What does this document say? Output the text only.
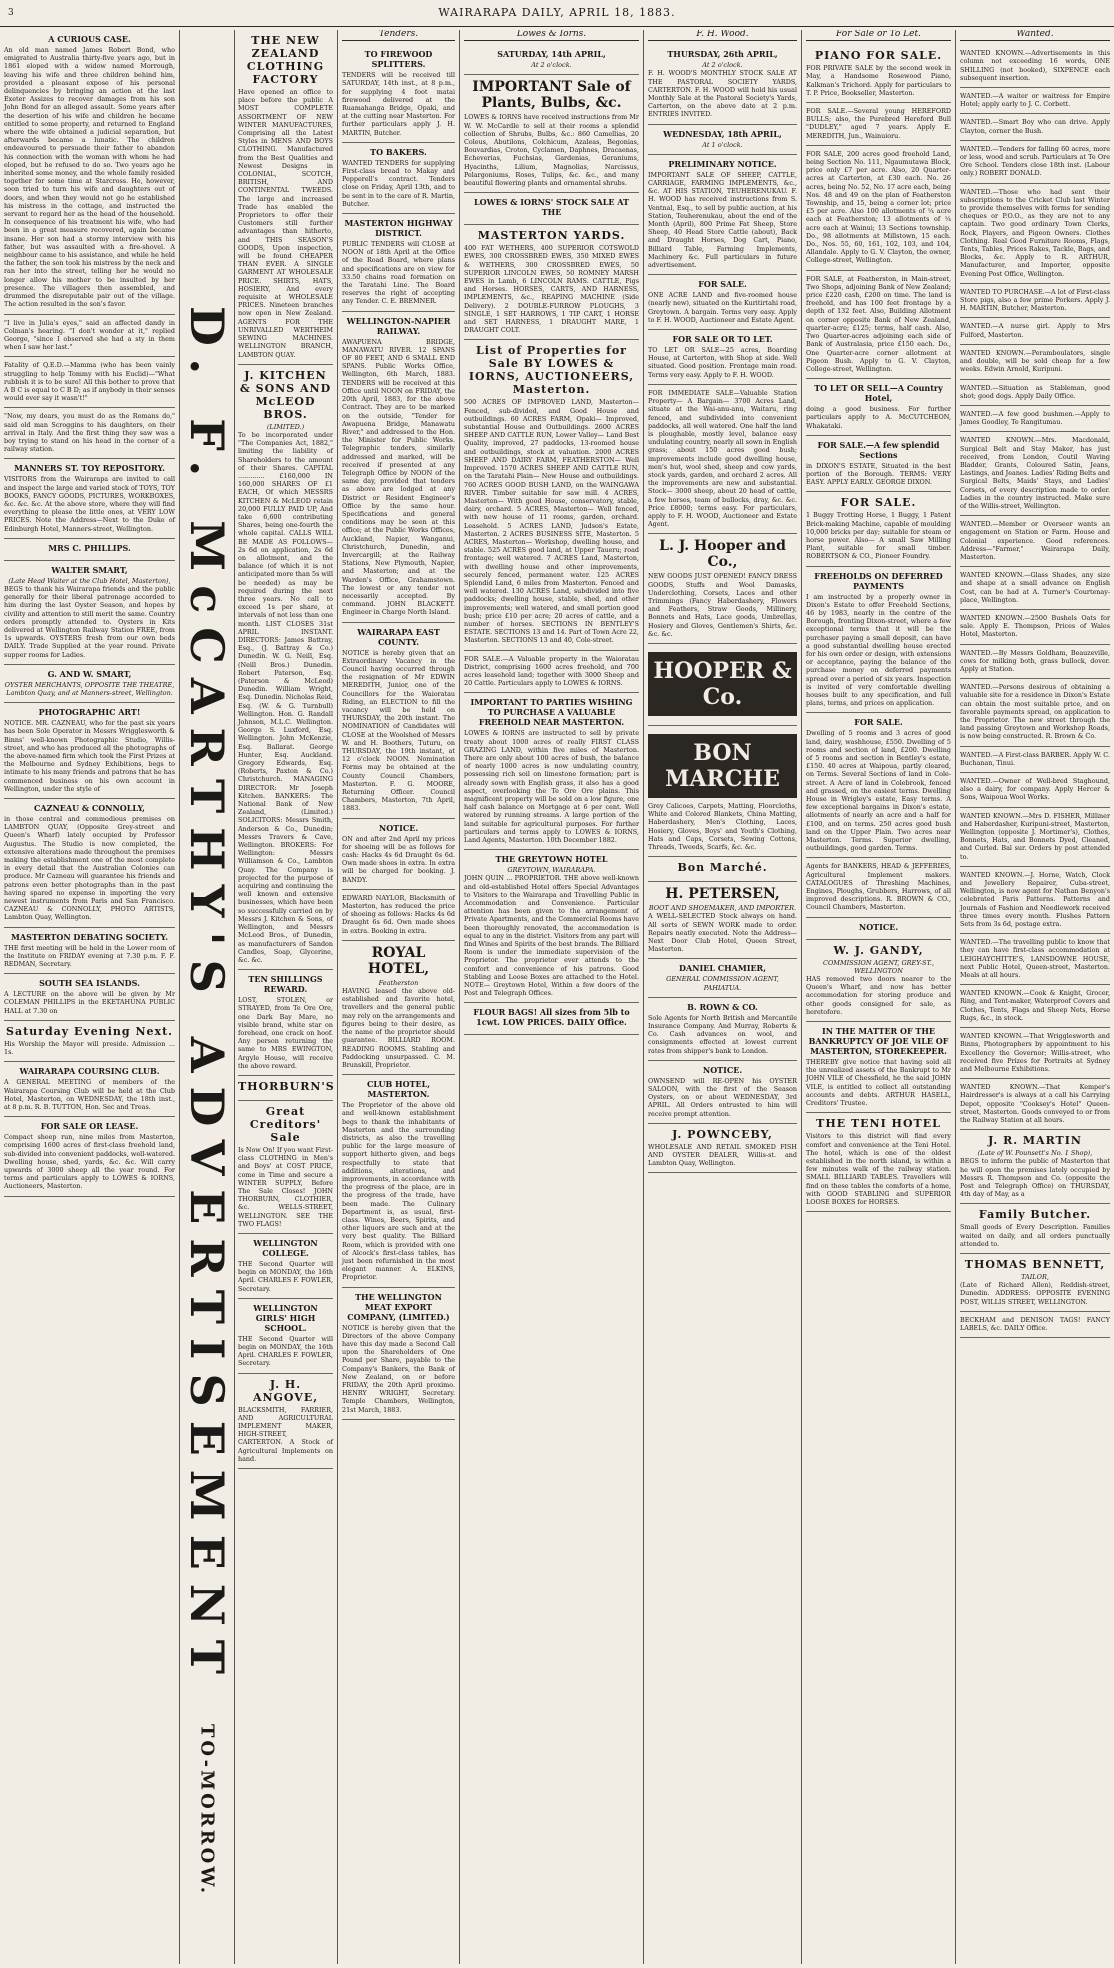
3	WAIRARAPA DAILY, APRIL 18, 1883.
A CURIOUS CASE.
An old man named James Robert Bond, who emigrated to Australia thirty-five years ago, but in 1861 eloped with a widow named Morrough, leaving his wife and three children behind him, provided a pleasant expose of his personal delinquencies by bringing an action at the last Exeter Assizes to recover damages from his son John Bond for an alleged assault. Some years after the desertion of his wife and children he became entitled to some property, and returned to England where the wife obtained a judicial separation, but afterwards became a lunatic. The children endeavoured to persuade their father to abandon his connection with the woman with whom he had eloped, but he refused to do so. Two years ago he inherited some money, and the whole family resided together for some time at Starcross. He, however, soon tried to turn his wife and daughters out of doors, and when they would not go he established his mistress in the cottage, and instructed the servant to regard her as the head of the household. In consequence of his treatment his wife, who had been in a great measure recovered, again became insane. Her son had a stormy interview with his father, but was assaulted with a fire-shovel. A neighbour came to his assistance, and while he held the father, the son took his mistress by the neck and ran her into the street, telling her he would no longer allow his mother to be insulted by her presence. The villagers then assembled, and drummed the disreputable pair out of the village. The action resulted in the son's favor.
"I live in Julia's eyes," said an affected dandy in Colman's hearing. "I don't wonder at it," replied George, "since I observed she had a sty in them when I saw her last."
Fatality of Q.E.D.—Mamma (who has been vainly struggling to help Tommy with his Euclid)—"What rubbish it is to be sure! All this bother to prove that A B C is equal to C B D; as if anybody in their senses would ever say it wasn't!"
"Now, my dears, you must do as the Romans do," said old man Scroggins to his daughters, on their arrival in Italy. And the first thing they saw was a boy trying to stand on his head in the corner of a railway station.
MANNERS ST. TOY REPOSITORY.
VISITORS from the Wairarapa are invited to call and inspect the large and varied stock of TOYS, TOY BOOKS, FANCY GOODS, PICTURES, WORKBOXES, &c. &c. &c. At the above store, where they will find everything to please the little ones, at VERY LOW PRICES. Note the Address—Next to the Duke of Edinburgh Hotel, Manners-street, Wellington.
MRS C. PHILLIPS.
WALTER SMART,
(Late Head Waiter at the Club Hotel, Masterton),
BEGS to thank his Wairarapa friends and the public generally for their liberal patronage accorded to him during the last Oyster Season, and hopes by civility and attention to still merit the same. Country orders promptly attended to. Oysters in Kits delivered at Wellington Railway Station FREE, from 1s upwards. OYSTERS fresh from our own beds DAILY. Trade Supplied at the year round. Private supper rooms for Ladies.
G. AND W. SMART,
OYSTER MERCHANTS, OPPOSITE THE THEATRE, Lambton Quay, and at Manners-street, Wellington.
PHOTOGRAPHIC ART!
NOTICE. MR. CAZNEAU, who for the past six years has been Sole Operator in Messrs Wrigglesworth & Binns' well-known Photographic Studio, Willis-street, and who has produced all the photographs of the above-named firm which took the First Prizes at the Melbourne and Sydney Exhibitions, begs to intimate to his many friends and patrons that he has commenced business on his own account in Wellington, under the style of
CAZNEAU & CONNOLLY,
in those central and commodious premises on LAMBTON QUAY, (Opposite Grey-street and Queen's Wharf) lately occupied by Professor Augustus. The Studio is now completed, the extensive alterations made throughout the premises making the establishment one of the most complete in every detail that the Australian Colonies can produce. Mr Cazneau will guarantee his friends and patrons even better photographs than in the past having spared no expense in importing the very newest instruments from Paris and San Francisco. CAZNEAU & CONNOLLY, PHOTO ARTISTS, Lambton Quay, Wellington.
MASTERTON DEBATING SOCIETY.
THE first meeting will be held in the Lower room of the Institute on FRIDAY evening at 7.30 p.m. F. F. REDMAN, Secretary.
SOUTH SEA ISLANDS.
A LECTURE on the above will be given by Mr COLEMAN PHILLIPS in the EKETAHUNA PUBLIC HALL at 7.30 on
Saturday Evening Next.
His Worship the Mayor will preside. Admission ... 1s.
WAIRARAPA COURSING CLUB.
A GENERAL MEETING of members of the Wairarapa Coursing Club will be held at the Club Hotel, Masterton, on WEDNESDAY, the 18th inst., at 8 p.m. R. B. TUTTON, Hon. Sec and Treas.
FOR SALE OR LEASE.
Compact sheep run, nine miles from Masterton, comprising 1600 acres of first-class freehold land, sub-divided into convenient paddocks, well-watered. Dwelling house, shed, yards, &c. &c. Will carry upwards of 3000 sheep all the year round. For terms and particulars apply to LOWES & IORNS, Auctioneers, Masterton.	D. F. McCARTHY'S ADVERTISEMENT
TO-MORROW.
THE NEW ZEALAND CLOTHING FACTORY
Have opened an office to place before the public A MOST COMPLETE ASSORTMENT OF NEW WINTER MANUFACTURES, Comprising all the Latest Styles in MENS AND BOYS CLOTHING. Manufactured from the Best Qualities and Newest Designs in COLONIAL, SCOTCH, BRITISH, AND CONTINENTAL TWEEDS. The large and increased Trade has enabled the Proprietors to offer their Customers still further advantages than hitherto, and THIS SEASON'S GOODS, Upon inspection, will be found CHEAPER THAN EVER. A SINGLE GARMENT AT WHOLESALE PRICE. SHIRTS, HATS, HOSIERY, And every requisite at WHOLESALE PRICES. Nineteen branches now open in New Zealand. AGENTS FOR THE UNRIVALLED WERTHEIM SEWING MACHINES. WELLINGTON BRANCH, LAMBTON QUAY.
J. KITCHEN & SONS AND McLEOD BROS.
(LIMITED.)
To be incorporated under "The Companies Act, 1882," limiting the liability of Shareholders to the amount of their Shares. CAPITAL ............. £160,000 IN 160,000 SHARES OF £1 EACH, Of which MESSRS KITCHEN & McLEOD retain 20,000 FULLY PAID UP, And take 6,600 contributing Shares, being one-fourth the whole capital. CALLS WILL BE MADE AS FOLLOWS— 2s 6d on application, 2s 6d on allotment, and the balance (of which it is not anticipated more than 5s will be needed) as may be required during the next three years. No call to exceed 1s per share, at intervals of not less than one month. LIST CLOSES 31st APRIL INSTANT. DIRECTORS: James Battray, Esq., (J. Battray & Co.) Dunedin. W. G. Neill, Esq. (Neill Bros.) Dunedin. Robert Paterson, Esq. (Paterson & McLeod) Dunedin. William Wright, Esq. Dunedin. Nicholas Reid, Esq. (W. & G. Turnbull) Wellington. Hon. G. Randall Johnson, M.L.C. Wellington. George S. Luxford, Esq. Wellington. John McKenzie, Esq. Ballarat. George Hunter, Esq. Auckland. Gregory Edwards, Esq. (Roberts, Paxton & Co.) Christchurch. MANAGING DIRECTOR: Mr Joseph Kitchen. BANKERS: The National Bank of New Zealand, (Limited.) SOLICITORS: Messrs Smith, Anderson & Co., Dunedin; Messrs Travers & Cave, Wellington. BROKERS: For Wellington: Messrs Williamson & Co., Lambton Quay. The Company is projected for the purpose of acquiring and continuing the well known and extensive businesses, which have been so successfully carried on by Messrs J. Kitchen & Sons, of Wellington, and Messrs McLeod Bros., of Dunedin, as manufacturers of Sandon Candles, Soap, Glycerine, &c. &c.
TEN SHILLINGS REWARD.
LOST, STOLEN, or STRAYED, from Te Ore Ore, one Dark Bay Mare, no visible brand, white star on forehead, one crack on hoof. Any person returning the same to MRS EWINGTON, Argyle House, will receive the above reward.
THORBURN'S
Great Creditors' Sale
Is Now On! If you want First-class CLOTHING in Men's and Boys' at COST PRICE, come in Time and secure a WINTER SUPPLY, Before The Sale Closes! JOHN THORBURN, CLOTHIER, &c. WELLS-STREET, WELLINGTON. SEE THE TWO FLAGS!
WELLINGTON COLLEGE.
THE Second Quarter will begin on MONDAY, the 16th April. CHARLES F. FOWLER, Secretary.
WELLINGTON GIRLS' HIGH SCHOOL.
THE Second Quarter will begin on MONDAY, the 16th April. CHARLES F. FOWLER, Secretary.
J. H. ANGOVE,
BLACKSMITH, FARRIER, AND AGRICULTURAL IMPLEMENT MAKER, HIGH-STREET, CARTERTON. A Stock of Agricultural Implements on hand.
Tenders.
TO FIREWOOD SPLITTERS.
TENDERS will be received till SATURDAY, 14th inst., at 8 p.m., for supplying 4 foot matai firewood delivered at the Ruamahanga Bridge, Opaki, and at the cutting near Masterton. For further particulars apply J. H. MARTIN, Butcher.
TO BAKERS.
WANTED TENDERS for supplying First-class bread to Makay and Pepperell's contract. Tenders close on Friday, April 13th, and to be sent in to the care of R. Martin, Butcher.
MASTERTON HIGHWAY DISTRICT.
PUBLIC TENDERS will CLOSE at NOON of 18th April at the Office of the Road Board, where plans and specifications are on view for 33.50 chains road formation on the Taratahi Line. The Board reserves the right of accepting any Tender. C. E. BREMNER.
WELLINGTON-NAPIER RAILWAY.
AWAPUENA BRIDGE, MANAWATU RIVER. 12 SPANS OF 80 FEET, AND 6 SMALL END SPANS. Public Works Office, Wellington, 6th March, 1883. TENDERS will be received at this Office until NOON on FRIDAY, the 20th April, 1883, for the above Contract. They are to be marked on the outside, "Tender for Awapuena Bridge, Manawatu River," and addressed to the Hon. the Minister for Public Works. Telegraphic tenders, similarly addressed and marked, will be received if presented at any Telegraph Office by NOON of the same day, provided that tenders as above are lodged at any District or Resident Engineer's Office by the same hour. Specifications and general conditions may be seen at this office; at the Public Works Offices, Auckland, Napier, Wanganui, Christchurch, Dunedin, and Invercargill; at the Railway Stations, New Plymouth, Napier, and Masterton; and at the Warden's Office, Grahamstown. The lowest or any tender not necessarily accepted. By command. JOHN BLACKETT. Engineer in Charge North Island.
WAIRARAPA EAST COUNTY.
NOTICE is hereby given that an Extraordinary Vacancy in the Council having occurred through the resignation of Mr EDWIN MEREDITH, Junior, one of the Councillors for the Waioratau Riding, an ELECTION to fill the vacancy will be held on THURSDAY, the 20th instant. The NOMINATION of Candidates will CLOSE at the Woolshed of Messrs W. and H. Boothers, Tuturu, on THURSDAY, the 19th instant, at 12 o'clock NOON. Nomination Forms may be obtained at the County Council Chambers, Masterton. F. G. MOORE, Returning Officer. Council Chambers, Masterton, 7th April, 1883.
NOTICE.
ON and after 2nd April my prices for shoeing will be as follows for cash: Hacks 4s 6d Draught 6s 6d. Own made shoes in extra. In extra will be charged for booking. J. BANDY.
EDWARD NAYLOR, Blacksmith of Masterton, has reduced the price of shoeing as follows: Hacks 4s 6d Draught 6s 6d. Own made shoes in extra. Booking in extra.
ROYAL HOTEL,
Featherston
HAVING leased the above old-established and favorite hotel, travellers and the general public may rely on the arrangements and figures being to their desire, as the name of the proprietor should guarantee. BILLIARD ROOM. READING ROOMS. Stabling and Paddocking unsurpassed. C. M. Brunskill, Proprietor.
CLUB HOTEL, MASTERTON.
The Proprietor of the above old and well-known establishment begs to thank the inhabitants of Masterton and the surrounding districts, as also the travelling public for the large measure of support hitherto given, and begs respectfully to state that additions, alterations, and improvements, in accordance with the progress of the place, are in the progress of the trade, have been made. The Culinary Department is, as usual, first-class. Wines, Beers, Spirits, and other liquors are such and at the very best quality. The Billiard Room, which is provided with one of Alcock's first-class tables, has just been refurnished in the most elegant manner. A. ELKINS, Proprietor.
THE WELLINGTON MEAT EXPORT COMPANY, (LIMITED.)
NOTICE is hereby given that the Directors of the above Company have this day made a Second Call upon the Shareholders of One Pound per Share, payable to the Company's Bankers, the Bank of New Zealand, on or before FRIDAY, the 20th April proximo. HENRY WRIGHT, Secretary. Temple Chambers, Wellington, 21st March, 1883.
Lowes & Iorns.
SATURDAY, 14th APRIL,
At 2 o'clock.
IMPORTANT Sale of Plants, Bulbs, &c.
LOWES & IORNS have received instructions from Mr W. W. McCardle to sell at their rooms a splendid collection of Shrubs, Bulbs, &c.: 860 Camellias, 20 Coleus, Abutilons, Colchicum, Azaleas, Begonias, Bouvardias, Croton, Cyclamen, Daphnes, Dracaenas, Echeverias, Fuchsias, Gardenias, Geraniums, Hyacinths, Lilium, Magnolias, Narcissus, Pelargoniums, Roses, Tulips, &c. &c., and many beautiful flowering plants and ornamental shrubs.
LOWES & IORNS' STOCK SALE AT THE
MASTERTON YARDS.
400 FAT WETHERS, 400 SUPERIOR COTSWOLD EWES, 300 CROSSBRED EWES, 350 MIXED EWES & WETHERS, 300 CROSSBRED EWES, 50 SUPERIOR LINCOLN EWES, 50 ROMNEY MARSH EWES in Lamb, 6 LINCOLN RAMS. CATTLE, Pigs and Horses. HORSES, CARTS, AND HARNESS, IMPLEMENTS, &c., REAPING MACHINE (Side Delivery). 2 DOUBLE-FURROW PLOUGHS, 3 SINGLE, 1 SET HARROWS, 1 TIP CART, 1 HORSE and SET HARNESS, 1 DRAUGHT MARE, 1 DRAUGHT COLT.
List of Properties for Sale BY LOWES & IORNS, AUCTIONEERS, Masterton.
500 ACRES OF IMPROVED LAND, Masterton— Fenced, sub-divided, and Good House and outbuildings. 60 ACRES FARM, Opaki— Improved, substantial House and Outbuildings. 2600 ACRES SHEEP AND CATTLE RUN, Lower Valley— Land Best Quality, improved, 27 paddocks, 13-roomed house and outbuildings, stock at valuation. 2000 ACRES SHEEP AND DAIRY FARM, FEATHERSTON— Well Improved. 1570 ACRES SHEEP AND CATTLE RUN, on the Taratahi Plain— New House and outbuildings. 760 ACRES GOOD BUSH LAND, on the WAINGAWA RIVER. Timber suitable for saw mill. 4 ACRES, Masterton— With good House, conservatory, stable, dairy, orchard. 5 ACRES, Masterton— Well fenced, with new house of 11 rooms, garden, orchard. Leasehold. 5 ACRES LAND, Judson's Estate, Masterton. 2 ACRES BUSINESS SITE, Masterton. 5 ACRES, Masterton— Workshop, dwelling house, and stable. 525 ACRES good land, at Upper Taueru; road frontage; well watered. 7 ACRES Land, Masterton, with dwelling house and other improvements, securely fenced, permanent water. 125 ACRES Splendid Land, 6 miles from Masterton. Fenced and well watered. 130 ACRES Land, subdivided into five paddocks; dwelling house, stable, shed, and other improvements; well watered, and small portion good bush; price £10 per acre; 20 acres of cattle, and a number of horses. SECTIONS IN BENTLEY'S ESTATE. SECTIONS 13 and 14. Part of Town Acre 22, Masterton. SECTIONS 13 and 40, Cole-street.
FOR SALE.—A Valuable property in the Waioratau District, comprising 1600 acres freehold, and 700 acres leasehold land; together with 3000 Sheep and 20 Cattle. Particulars apply to LOWES & IORNS.
IMPORTANT TO PARTIES WISHING TO PURCHASE A VALUABLE FREEHOLD NEAR MASTERTON.
LOWES & IORNS are instructed to sell by private treaty about 1000 acres of really FIRST CLASS GRAZING LAND, within five miles of Masterton. There are only about 100 acres of bush, the balance of nearly 1000 acres is now undulating country, possessing rich soil on limestone formation; part is already sown with English grass, it also has a good aspect, overlooking the Te Ore Ore plains. This magnificent property will be sold on a low figure, one half cash balance on Mortgage at 6 per cent. Well watered by running streams. A large portion of the land suitable for agricultural purposes. For further particulars and terms apply to LOWES & IORNS, Land Agents, Masterton. 10th December 1882.
THE GREYTOWN HOTEL
GREYTOWN, WAIRARAPA.
JOHN QUIN ... PROPRIETOR. THE above well-known and old-established Hotel offers Special Advantages to Visitors to the Wairarapa and Travelling Public in Accommodation and Convenience. Particular attention has been given to the arrangement of Private Apartments, and the Commercial Rooms have been thoroughly renovated, the accommodation is equal to any in the district. Visitors from any part will find Wines and Spirits of the best brands. The Billiard Room is under the immediate supervision of the Proprietor. The proprietor ever attends to the comfort and convenience of his patrons. Good Stabling and Loose Boxes are attached to the Hotel. NOTE— Greytown Hotel, Within a few doors of the Post and Telegraph Offices.
FLOUR BAGS! All sizes from 5lb to 1cwt. LOW PRICES. DAILY Office.
F. H. Wood.
THURSDAY, 26th APRIL,
At 2 o'clock.
F. H. WOOD'S MONTHLY STOCK SALE AT THE PASTORAL SOCIETY YARDS, CARTERTON. F. H. WOOD will hold his usual Monthly Sale at the Pastoral Society's Yards, Carterton, on the above date at 2 p.m. ENTRIES INVITED.
WEDNESDAY, 18th APRIL,
At 1 o'clock.
PRELIMINARY NOTICE.
IMPORTANT SALE OF SHEEP, CATTLE, CARRIAGE, FARMING IMPLEMENTS, &c., &c. AT HIS STATION, TEUHERENUKAU. F. H. WOOD has received instructions from S. Ventnal, Esq., to sell by public auction, at his Station, Teuherenukau, about the end of the Month (April), 800 Prime Fat Sheep, Store Sheep, 40 Head Store Cattle (about), Back and Draught Horses, Dog Cart, Piano, Billiard Table, Farming Implements, Machinery &c. Full particulars in future advertisement.
FOR SALE.
ONE ACRE LAND and five-roomed house (nearly new), situated on the Kuritirtahi road, Greytown. A bargain. Terms very easy. Apply to F. H. WOOD, Auctioneer and Estate Agent.
FOR SALE OR TO LET.
TO LET OR SALE—25 acres, Boarding House, at Carterton, with Shop at side. Well situated. Good position. Frontage main road. Terms very easy. Apply to F. H. WOOD.
FOR IMMEDIATE SALE—Valuable Station Property— A Bargain— 3700 Acres Land, situate at the Wai-anu-anu, Waitaru, ring fenced, and subdivided into convenient paddocks, all well watered. One half the land is ploughable, mostly level, balance easy undulating country, nearly all sown in English grass; about 150 acres good bush; improvements include good dwelling house, men's hut, wool shed, sheep and cow yards, stock yards, garden, and orchard 2 acres. All the improvements are new and substantial. Stock— 3000 sheep, about 20 head of cattle, a few horses, team of bullocks, dray, &c. &c. Price £8000; terms easy. For particulars, apply to F. H. WOOD, Auctioneer and Estate Agent.
L. J. Hooper and Co.,
NEW GOODS JUST OPENED! FANCY DRESS GOODS, Stuffs and Wool Damasks, Underclothing, Corsets, Laces and other Trimmings (Fancy Haberdashery, Flowers and Feathers, Straw Goods, Millinery, Bonnets and Hats, Lace goods, Umbrellas, Hosiery and Gloves, Gentlemen's Shirts, &c. &c. &c.
HOOPER & Co.
BON MARCHE
Grey Calicoes, Carpets, Matting, Floorcloths, White and Colored Blankets, China Matting, Haberdashery, Men's Clothing, Laces, Hosiery, Gloves, Boys' and Youth's Clothing, Hats and Caps, Corsets, Sewing Cottons, Threads, Tweeds, Scarfs, &c. &c.
Bon Marché.
H. PETERSEN,
BOOT AND SHOEMAKER, AND IMPORTER.
A WELL-SELECTED Stock always on hand. All sorts of SEWN WORK made to order. Repairs neatly executed. Note the Address—Next Door Club Hotel, Queen Street, Masterton.
DANIEL CHAMIER,
GENERAL COMMISSION AGENT, PAHIATUA.
B. ROWN & CO.
Sole Agents for North British and Mercantile Insurance Company. And Murray, Roberts & Co. Cash advances on wool, and consignments effected at lowest current rates from shipper's bank to London.
NOTICE.
OWNSEND will RE-OPEN his OYSTER SALOON, with the first of the Season Oysters, on or about WEDNESDAY, 3rd APRIL. All Orders entrusted to him will receive prompt attention.
J. POWNCEBY,
WHOLESALE AND RETAIL SMOKED FISH AND OYSTER DEALER, Willis-st. and Lambton Quay, Wellington.
For Sale or To Let.
PIANO FOR SALE.
FOR PRIVATE SALE by the second week in May, a Handsome Rosewood Piano, Kalkman's Trichord. Apply for particulars to T. P. Price, Bookseller, Masterton.
FOR SALE.—Several young HEREFORD BULLS; also, the Purebred Hereford Bull "DUDLEY," aged 7 years. Apply E. MEREDITH, Jun., Wainuioru.
FOR SALE, 200 acres good freehold Land, being Section No. 111, Ngaumutawa Block, price only £7 per acre. Also, 20 Quarter-acres at Carterton, at £30 each. No. 26 acres, being No. 52, No. 17 acre each, being Nos. 48 and 49 on the plan of Featherston Township, and 15, being a corner lot; price £5 per acre. Also 100 allotments of ¼ acre each at Featherston; 13 allotments of ¼ acre each at Wainui; 13 Sections township. Do., 98 allotments at Millstown, 15 each. Do., Nos. 55, 60, 161, 102, 103, and 104, Allandale. Apply to G. V. Clayton, the owner, College-street, Wellington.
FOR SALE, at Featherston, in Main-street, Two Shops, adjoining Bank of New Zealand; price £220 cash, £200 on time. The land is freehold, and has 100 feet frontage by a depth of 132 feet. Also, Building Allotment on corner opposite Bank of New Zealand, quarter-acre; £125; terms, half cash. Also, Two Quarter-acres adjoining each side of Bank of Australasia, price £150 each. Do., One Quarter-acre corner allotment at Pigeon Bush. Apply to G. V. Clayton, College-street, Wellington.
TO LET OR SELL—A Country Hotel,
doing a good business. For further particulars apply to A. McCUTCHEON, Whakataki.
FOR SALE.—A few splendid Sections
in DIXON'S ESTATE, Situated in the best portion of the Borough. TERMS: VERY EASY. APPLY EARLY. GEORGE DIXON.
FOR SALE.
1 Buggy Trotting Horse, 1 Buggy, 1 Patent Brick-making Machine, capable of moulding 10,000 bricks per day; suitable for steam or horse power. Also— A small Saw Milling Plant, suitable for small timber. ROBERTSON & CO., Pioneer Foundry.
FREEHOLDS ON DEFERRED PAYMENTS
I am instructed by a properly owner in Dixon's Estate to offer Freehold Sections, 46 by 1983, nearly in the centre of the Borough, fronting Dixon-street, where a few exceptional terms that it will be the purchaser paying a small deposit, can have a good substantial dwelling house erected for his own order or design, with extensions or acceptance, paying the balance of the purchase money on deferred payments spread over a period of six years. Inspection is invited of very comfortable dwelling houses built to any specification, and full plans, terms, and prices on application.
FOR SALE.
Dwelling of 5 rooms and 3 acres of good land, dairy, washhouse, £550. Dwelling of 5 rooms and section of land, £200. Dwelling of 5 rooms and section in Bentley's estate, £150. 40 acres at Waipoua, partly cleared, on Terms. Several Sections of land in Cole-street. A Acre of land in Colebrook, fenced and grassed, on the easiest terms. Dwelling House in Wrigley's estate, Easy terms. A few exceptional bargains in Dixon's estate, allotments of nearly an acre and a half for £100, and on terms. 250 acres good bush land on the Upper Plain. Two acres near Masterton. Terms. Superior dwelling, outbuildings, good garden. Terms.
Agents for BANKERS, HEAD & JEFFERIES, Agricultural Implement makers. CATALOGUES of Threshing Machines, Engines, Ploughs, Grubbers, Harrows, of all improved descriptions. R. BROWN & CO., Council Chambers, Masterton.
NOTICE.
W. J. GANDY,
COMMISSION AGENT, GREY-ST., WELLINGTON
HAS removed two doors nearer to the Queen's Wharf, and now has better accommodation for storing produce and other goods consigned for sale, as heretofore.
IN THE MATTER OF THE BANKRUPTCY OF JOE VILE OF MASTERTON, STOREKEEPER.
THEREBY give notice that having sold all the unrealized assets of the Bankrupt to Mr JOHN VILE of Chessfield, he the said JOHN VILE, is entitled to collect all outstanding accounts and debts. ARTHUR HASELL, Creditors' Trustee.
THE TENI HOTEL
Visitors to this district will find every comfort and convenience at the Teni Hotel. The hotel, which is one of the oldest established in the north island, is within a few minutes walk of the railway station. SMALL BILLIARD TABLES. Travellers will find on these tables the comforts of a home, with GOOD STABLING and SUPERIOR LOOSE BOXES for HORSES.
Wanted.
WANTED KNOWN.—Advertisements in this column not exceeding 16 words, ONE SHILLING (not booked), SIXPENCE each subsequent insertion.
WANTED.—A waiter or waitress for Empire Hotel; apply early to J. C. Corbett.
WANTED.—Smart Boy who can drive. Apply Clayton, corner the Bush.
WANTED.—Tenders for falling 60 acres, more or less, wood and scrub. Particulars at Te Ore Ore School. Tenders close 18th inst. (Labour only.) ROBERT DONALD.
WANTED.—Those who had sent their subscriptions to the Cricket Club last Winter to provide themselves with forms for sending cheques or P.O.O., as they are not to any captain. Two good ordinary Town Clerks, Rock, Players, and Pigeon Owners. Clothes Clothing. Real Good Furniture Rooms, Flags, Tents, Tables, Prices Rakes, Tackle, Bags, and Blocks, &c. Apply to R. ARTHUR, Manufacturer, and Importer, opposite Evening Post Office, Wellington.
WANTED TO PURCHASE.—A lot of First-class Store pigs, also a few prime Porkers. Apply J. H. MARTIN, Butcher, Masterton.
WANTED.—A nurse girl. Apply to Mrs Fulford, Masterton.
WANTED KNOWN.—Peramboulators, single and double, will be sold cheap for a few weeks. Edwin Arnold, Kuripuni.
WANTED.—Situation as Stableman, good shot; good dogs. Apply Daily Office.
WANTED.—A few good bushmen.—Apply to James Goodley, Te Rangitumau.
WANTED KNOWN.—Mrs. Macdonald, Surgical Belt and Stay Maker, has just received, from London, Coutil Waving Bladder, Grants, Coloured Satin, Jeans, Lastings, and Jeanes. Ladies' Riding Belts and Surgical Belts, Maids' Stays, and Ladies' Corsets, of every description made to order. Ladies in the country instructed. Make sure of the Willis-street, Wellington.
WANTED.—Member or Overseer wants an engagement on Station or Farm. House and Colonial experience. Good references. Address—"Farmer," Wairarapa Daily, Masterton.
WANTED KNOWN.—Glass Shades, any size and shape at a small advance on English Cost, can be had at A. Turner's Courtenay-place, Wellington.
WANTED KNOWN.—2500 Bushels Oats for sale. Apply E. Thompson, Prices of Wales Hotel, Masterton.
WANTED.—By Messrs Goldham, Beauzeville, cows for milking both, grass bullock, dover. Apply at Station.
WANTED.—Persons desirous of obtaining a valuable site for a residence in Dixon's Estate can obtain the most suitable price, and on favorable payments spread, on application to the Proprietor. The new street through the land passing Greytown and Workshop Roads, is now being constructed. R. Brown & Co.
WANTED.—A First-class BARBER. Apply W. C. Buchanan, Tinui.
WANTED.—Owner of Well-bred Staghound, also a dairy, for company. Apply Hercer & Sons, Waipoua Wool Works.
WANTED KNOWN.—Mrs D. FISHER, Milliner and Haberdasher, Kuripuni-street, Masterton, Wellington (opposite J. Mortimer's), Clothes, Bonnets, Hats, and Bonnets Dyed, Cleaned, and Curled. Bal sur. Orders by post attended to.
WANTED KNOWN.—J. Horne, Watch, Clock and Jewellery Repairer, Cuba-street, Wellington, is now agent for Nathan Benyon's celebrated Paris Patterns. Patterns and Journals of Fashion and Needlework received three times every month. Flushes Pattern Sets from 3s 6d, postage extra.
WANTED.—The travelling public to know that they can have first-class accommodation at LEIGHAYCHITTE'S, LANSDOWNE HOUSE, next Public Hotel, Queen-street, Masterton. Meals at all hours.
WANTED KNOWN.—Cook & Knight, Grocer, Ring, and Tent-maker, Waterproof Covers and Clothes, Tents, Flags and Sheep Nets, Horse Rugs, &c., in stock.
WANTED KNOWN.—That Wrigglesworth and Binns, Photographers by appointment to his Excellency the Governor; Willis-street, who received five Prizes for Portraits at Sydney and Melbourne Exhibitions.
WANTED KNOWN.—That Kemper's Hairdresser's is always at a call his Carrying Depot, opposite "Cooksey's Hotel" Queen-street, Masterton. Goods conveyed to or from the Railway Station at all hours.
J. R. MARTIN
(Late of W. Pounsett's No. 1 Shop),
BEGS to inform the public of Masterton that he will open the premises lately occupied by Messrs R. Thompson and Co. (opposite the Post and Telegraph Office) on THURSDAY, 4th day of May, as a
Family Butcher.
Small goods of Every Description. Families waited on daily, and all orders punctually attended to.
THOMAS BENNETT,
TAILOR,
(Late of Richard Allen), Reddish-street, Dunedin. ADDRESS: OPPOSITE EVENING POST, WILLIS STREET, WELLINGTON.
BECKHAM and DENISON TAGS! FANCY LABELS, &c. DAILY Office.
